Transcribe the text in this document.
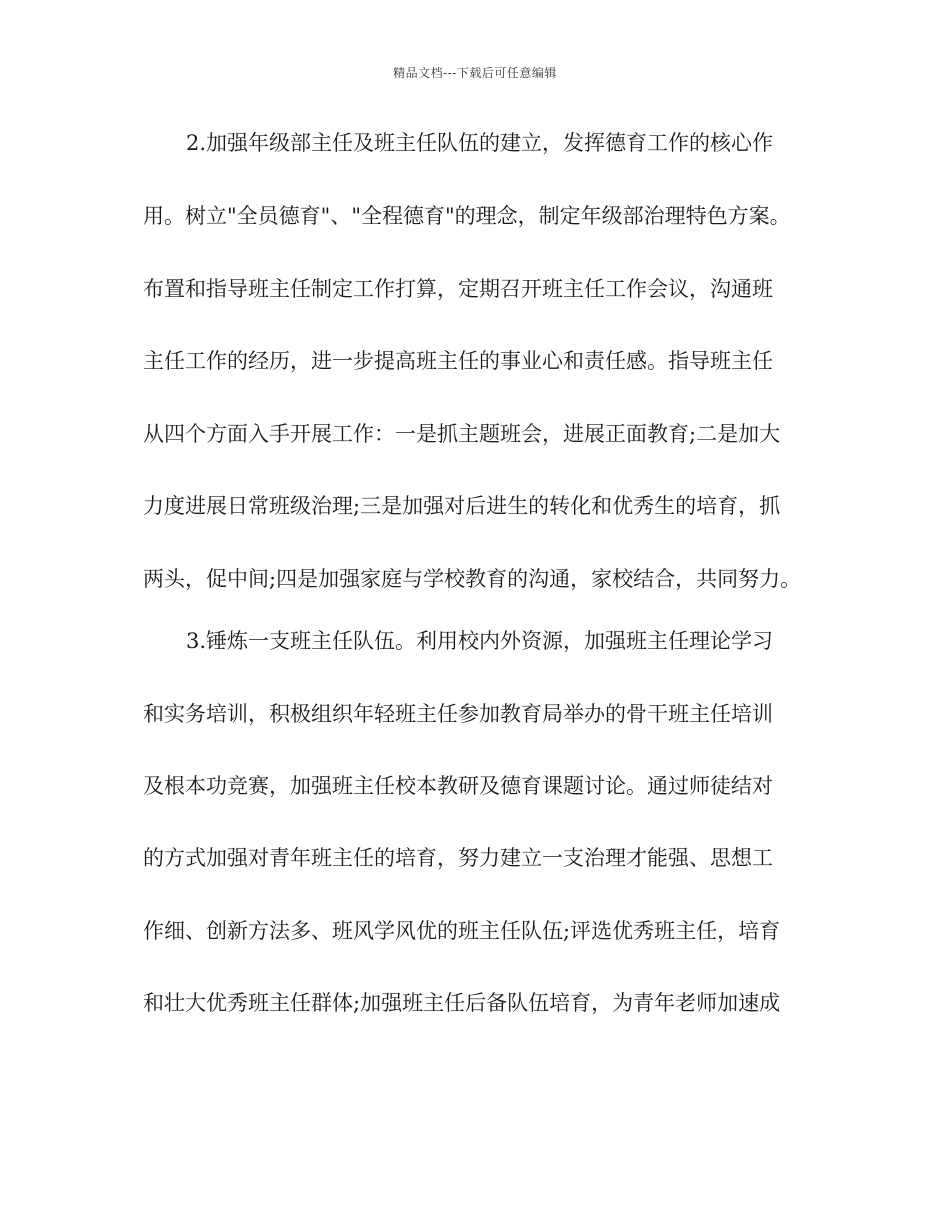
精品文档---下载后可任意编辑
2.加强年级部主任及班主任队伍的建立，发挥德育工作的核心作
用。树立"全员德育"、"全程德育"的理念，制定年级部治理特色方案。
布置和指导班主任制定工作打算，定期召开班主任工作会议，沟通班
主任工作的经历，进一步提高班主任的事业心和责任感。指导班主任
从四个方面入手开展工作：一是抓主题班会，进展正面教育;二是加大
力度进展日常班级治理;三是加强对后进生的转化和优秀生的培育，抓
两头，促中间;四是加强家庭与学校教育的沟通，家校结合，共同努力。
3.锤炼一支班主任队伍。利用校内外资源，加强班主任理论学习
和实务培训，积极组织年轻班主任参加教育局举办的骨干班主任培训
及根本功竞赛，加强班主任校本教研及德育课题讨论。通过师徒结对
的方式加强对青年班主任的培育，努力建立一支治理才能强、思想工
作细、创新方法多、班风学风优的班主任队伍;评选优秀班主任，培育
和壮大优秀班主任群体;加强班主任后备队伍培育，为青年老师加速成
